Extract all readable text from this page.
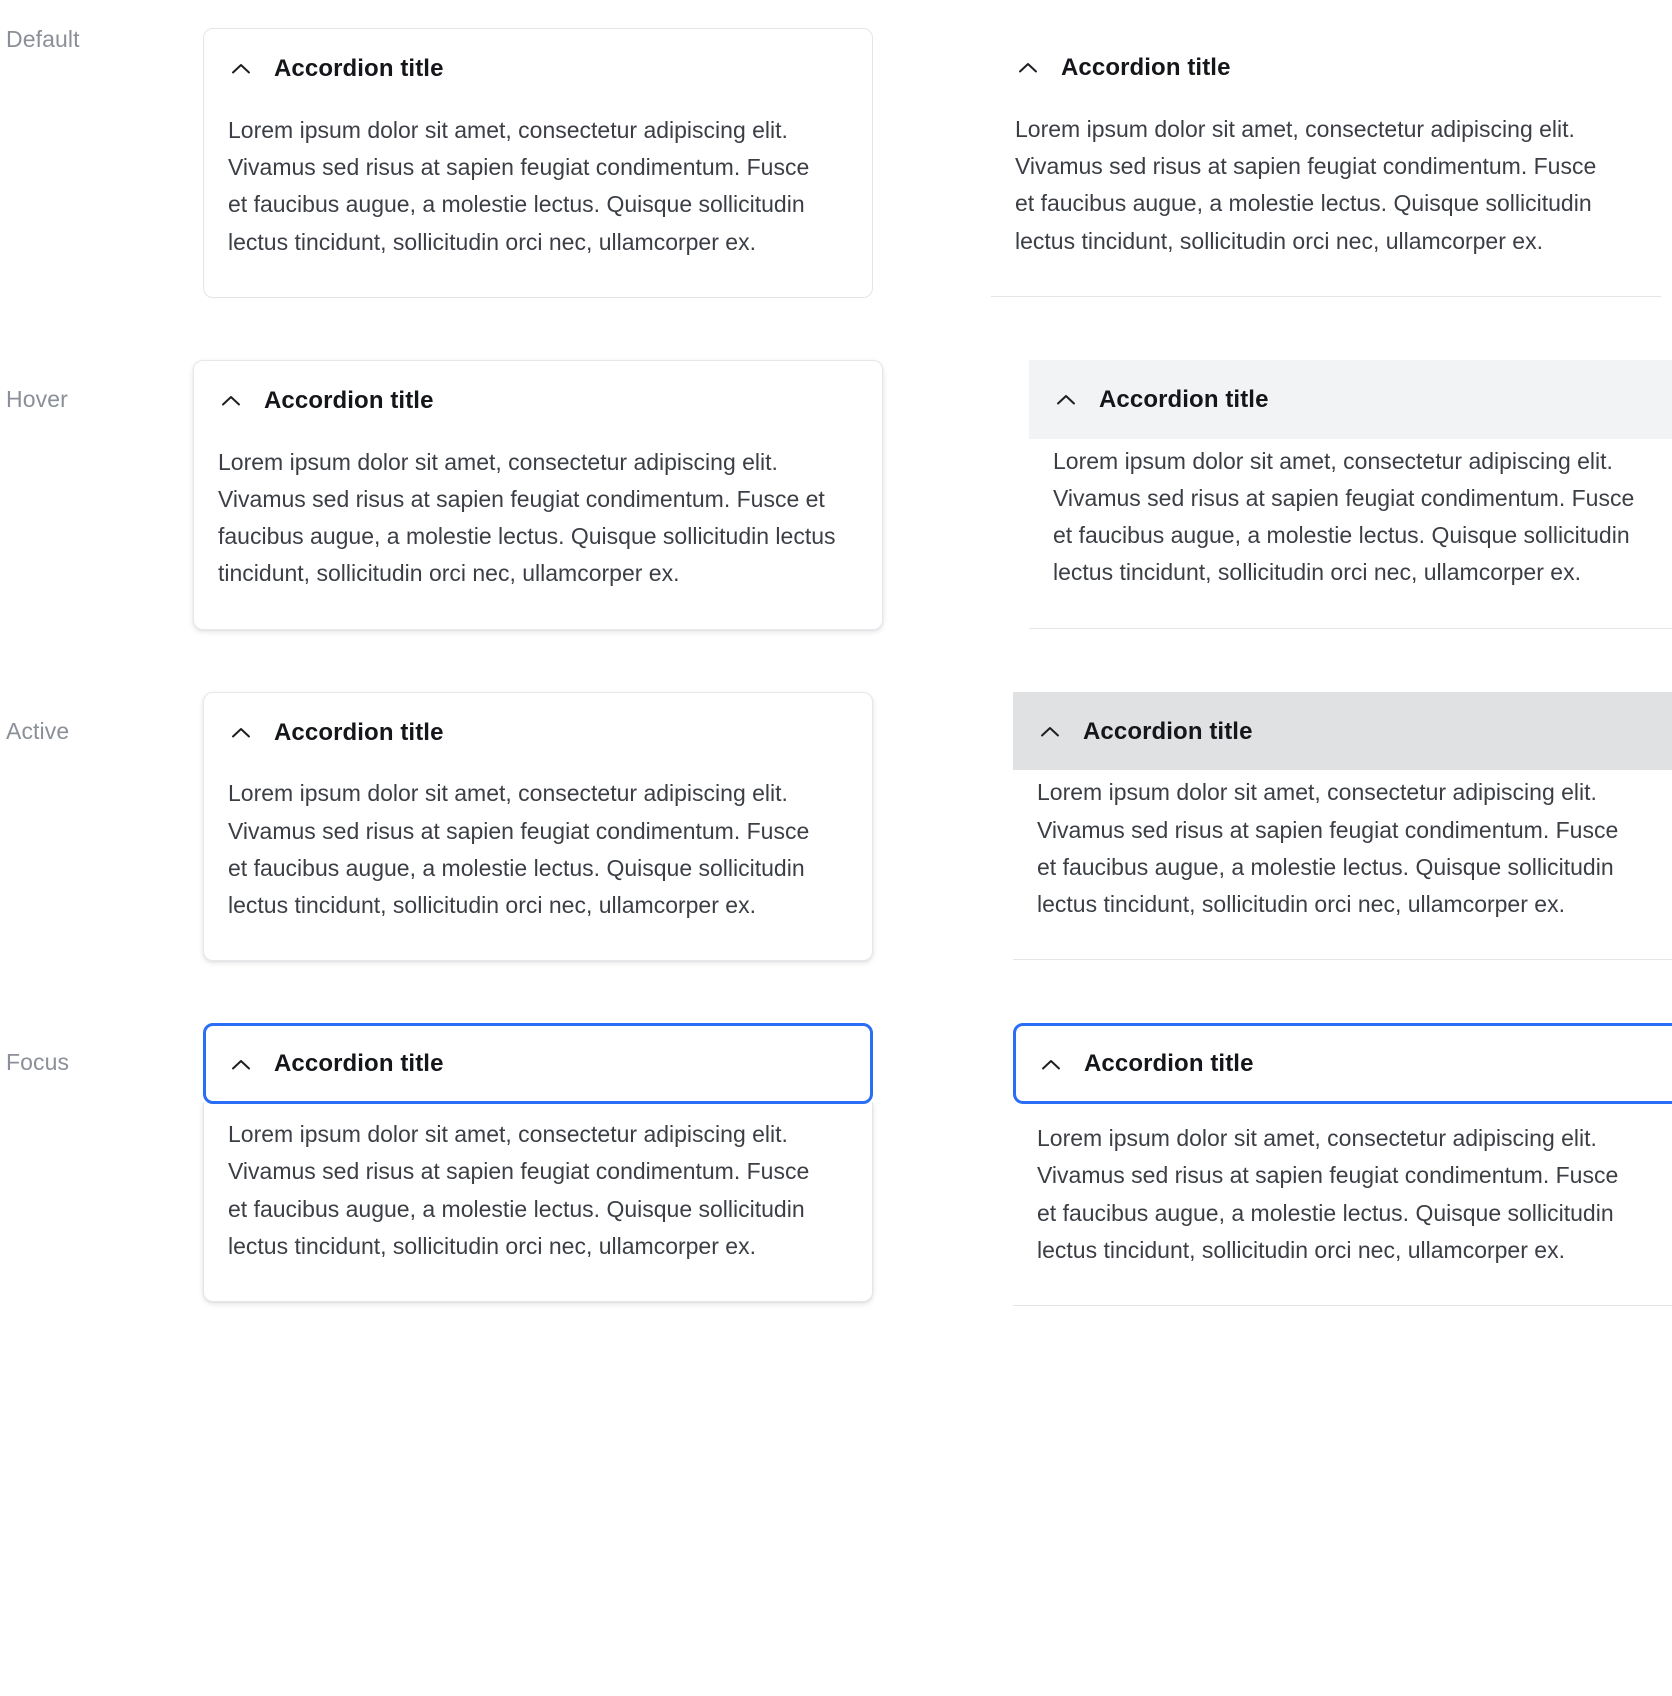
Default
Accordion title
Lorem ipsum dolor sit amet, consectetur adipiscing elit. Vivamus sed risus at sapien feugiat condimentum. Fusce et faucibus augue, a molestie lectus. Quisque sollicitudin lectus tincidunt, sollicitudin orci nec, ullamcorper ex.
Accordion title
Lorem ipsum dolor sit amet, consectetur adipiscing elit. Vivamus sed risus at sapien feugiat condimentum. Fusce et faucibus augue, a molestie lectus. Quisque sollicitudin lectus tincidunt, sollicitudin orci nec, ullamcorper ex.
Hover	Accordion title
Lorem ipsum dolor sit amet, consectetur adipiscing elit. Vivamus sed risus at sapien feugiat condimentum. Fusce et faucibus augue, a molestie lectus. Quisque sollicitudin lectus tincidunt, sollicitudin orci nec, ullamcorper ex.
Accordion title
Lorem ipsum dolor sit amet, consectetur adipiscing elit. Vivamus sed risus at sapien feugiat condimentum. Fusce et faucibus augue, a molestie lectus. Quisque sollicitudin lectus tincidunt, sollicitudin orci nec, ullamcorper ex.
Active	Accordion title
Lorem ipsum dolor sit amet, consectetur adipiscing elit. Vivamus sed risus at sapien feugiat condimentum. Fusce et faucibus augue, a molestie lectus. Quisque sollicitudin lectus tincidunt, sollicitudin orci nec, ullamcorper ex.
Accordion title
Lorem ipsum dolor sit amet, consectetur adipiscing elit. Vivamus sed risus at sapien feugiat condimentum. Fusce et faucibus augue, a molestie lectus. Quisque sollicitudin lectus tincidunt, sollicitudin orci nec, ullamcorper ex.
Focus	Accordion title
Lorem ipsum dolor sit amet, consectetur adipiscing elit. Vivamus sed risus at sapien feugiat condimentum. Fusce et faucibus augue, a molestie lectus. Quisque sollicitudin lectus tincidunt, sollicitudin orci nec, ullamcorper ex.
Accordion title
Lorem ipsum dolor sit amet, consectetur adipiscing elit. Vivamus sed risus at sapien feugiat condimentum. Fusce et faucibus augue, a molestie lectus. Quisque sollicitudin lectus tincidunt, sollicitudin orci nec, ullamcorper ex.
